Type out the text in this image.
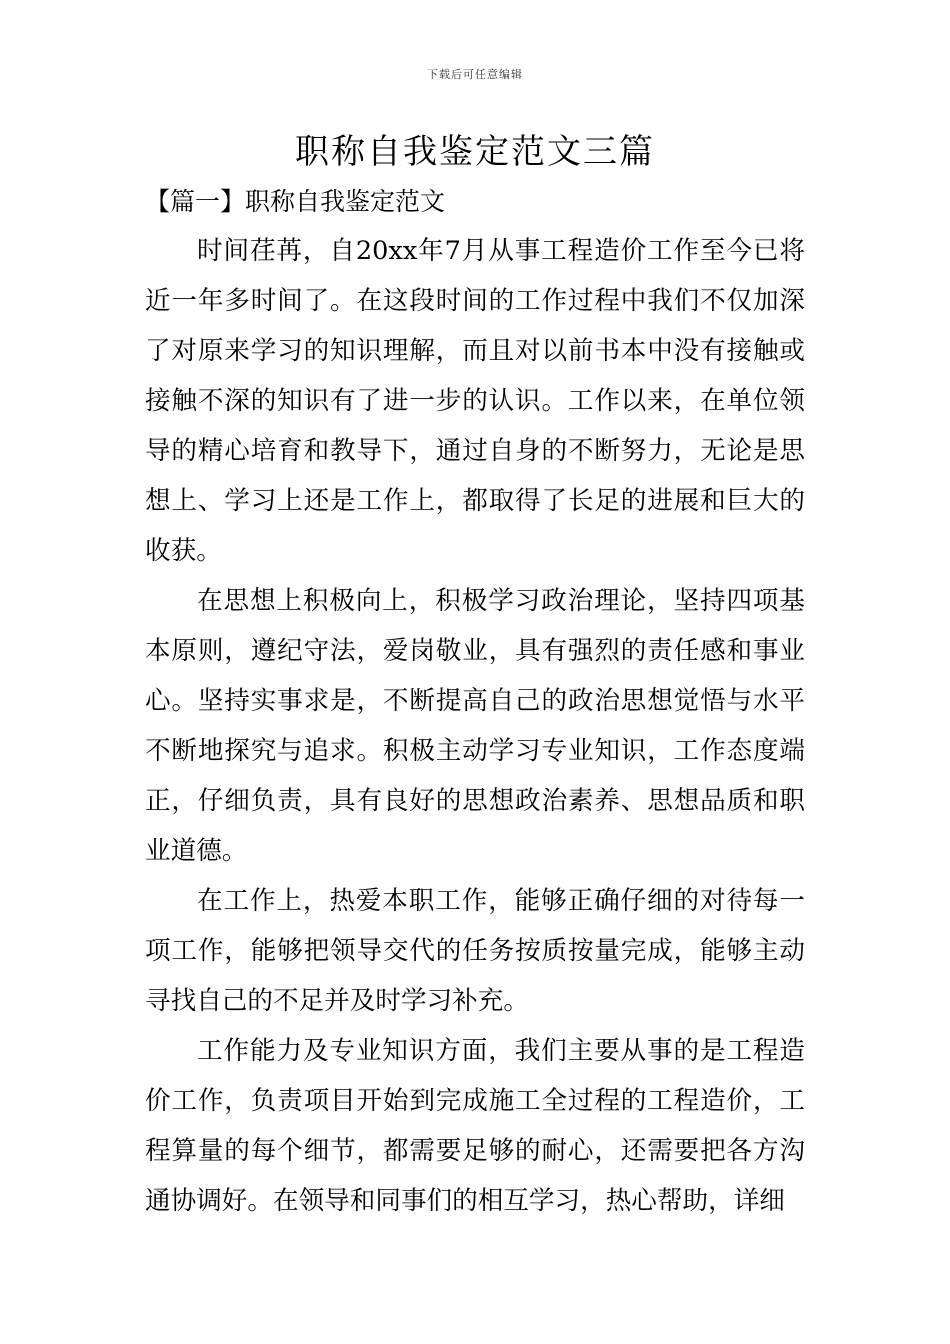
下载后可任意编辑
职称自我鉴定范文三篇
【篇一】职称自我鉴定范文

时间荏苒，自20xx年7月从事工程造价工作至今已将近一年多时间了。在这段时间的工作过程中我们不仅加深了对原来学习的知识理解，而且对以前书本中没有接触或接触不深的知识有了进一步的认识。工作以来，在单位领导的精心培育和教导下，通过自身的不断努力，无论是思想上、学习上还是工作上，都取得了长足的进展和巨大的收获。

在思想上积极向上，积极学习政治理论，坚持四项基本原则，遵纪守法，爱岗敬业，具有强烈的责任感和事业心。坚持实事求是，不断提高自己的政治思想觉悟与水平不断地探究与追求。积极主动学习专业知识，工作态度端正，仔细负责，具有良好的思想政治素养、思想品质和职业道德。

在工作上，热爱本职工作，能够正确仔细的对待每一项工作，能够把领导交代的任务按质按量完成，能够主动寻找自己的不足并及时学习补充。

工作能力及专业知识方面，我们主要从事的是工程造价工作，负责项目开始到完成施工全过程的工程造价，工程算量的每个细节，都需要足够的耐心，还需要把各方沟通协调好。在领导和同事们的相互学习，热心帮助，详细
